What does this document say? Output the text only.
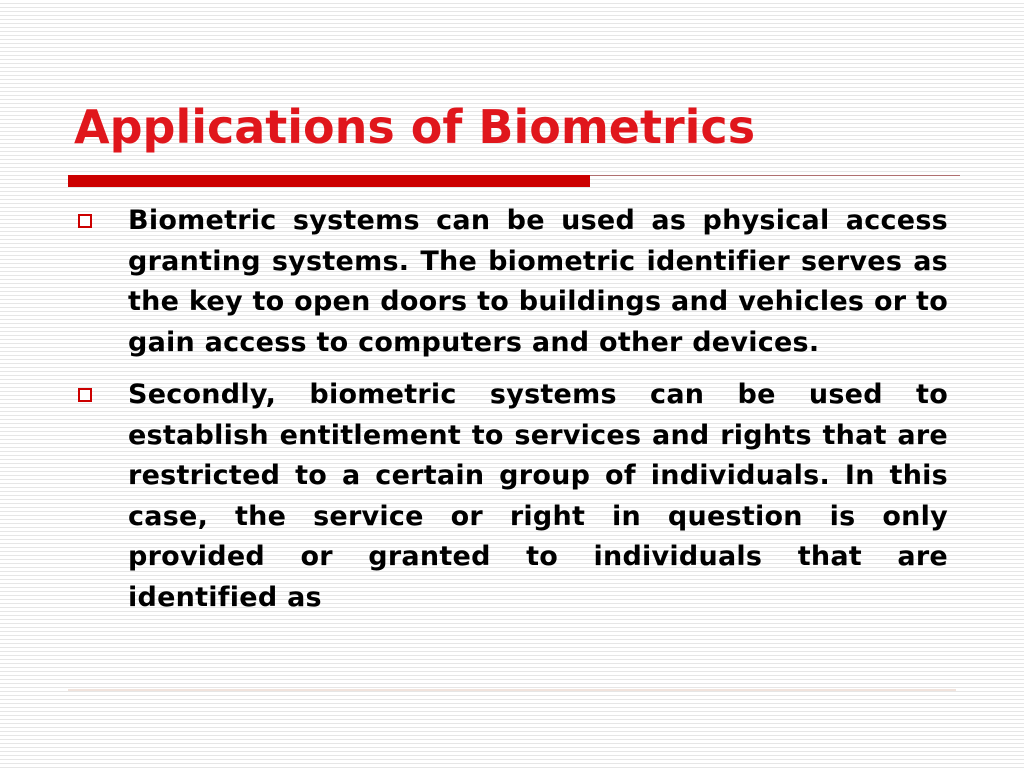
Applications of Biometrics
Biometric systems can be used as physical access granting systems. The biometric identifier serves as the key to open doors to buildings and vehicles or to gain access to computers and other devices.
Secondly, biometric systems can be used to establish entitlement to services and rights that are restricted to a certain group of individuals. In this case, the service or right in question is only provided or granted to individuals that are identified as
